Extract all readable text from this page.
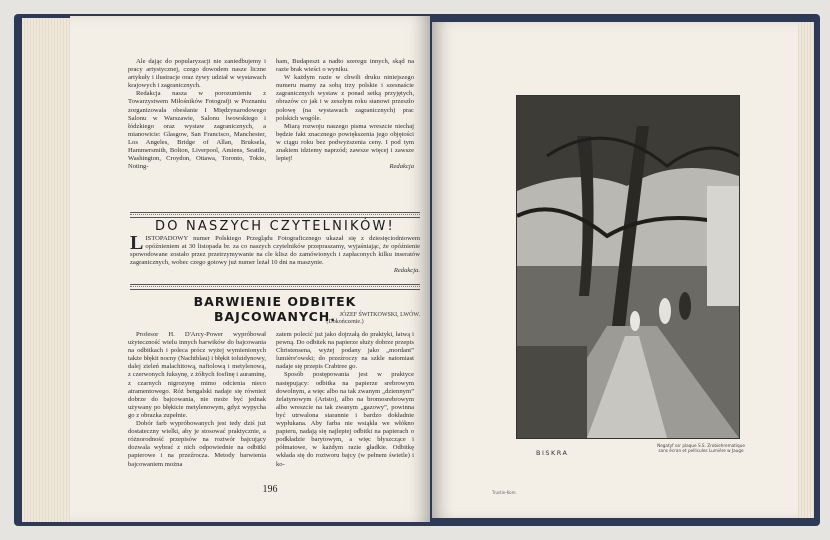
Ale dając do popularyzacji nie zaniedbujemy i pracy artystycznej, czego dowodem nasze liczne artykuły i ilustracje oraz żywy udział w wystawach krajowych i zagranicznych.

Redakcja nasza w porozumieniu z Towarzystwem Miłośników Fotografji w Poznaniu zorganizowała obesłanie I Międzynarodowego Salonu w Warszawie, Salonu lwowskiego i łódzkiego oraz wystaw zagranicznych, a mianowicie: Glasgow, San Francisco, Manchester, Los Angeles, Bridge of Allan, Bruksela, Hammersmith, Bolton, Liverpool, Amiens, Seattle, Washington, Croydon, Ottawa, Toronto, Tokio, Noting-

ham, Budapeszt a nadto szeregu innych, skąd na razie brak wieści o wyniku.

W każdym razie w chwili druku niniejszego numeru mamy za sobą trzy polskie i szesnaście zagranicznych wystaw z ponad setką przyjętych, obrazów co jak i w zeszłym roku stanowi przeszło połowę (na wystawach zagranicznych) prac polskich wogóle.

Miarą rozwoju naszego pisma wreszcie niechaj będzie fakt znacznego powiększenia jego objętości w ciągu roku bez podwyższenia ceny. I pod tym znakiem idziemy naprzód; zawsze więcej i zawsze lepiej!

Redakcja

DO NASZYCH CZYTELNIKÓW!
L ISTOPADOWY numer Polskiego Przeglądu Fotograficznego ukazał się z dziesięciodniowem opóźnieniem at 30 listopada br. za co naszych czytelników przepraszamy, wyjaśniając, że opóźnienie spowodowane zostało przez przetrzymywanie na cle klisz do zamówionych i zapłaconych kilku inseratów zagranicznych, wobec czego gotowy już numer leżał 10 dni na maszynie.
Redakcja.
BARWIENIE ODBITEK BAJCOWANYCH. JÓZEF ŚWITKOWSKI, LWÓW.
(Dokończenie.)

Profesor H. D'Arcy-Power wypróbował użyteczność wielu innych barwików do bajcowania na odbitkach i poleca prócz wyżej wymienionych także błękit nocny (Nachtblau) i błękit toluidynowy, dalej zieleń malachitową, naftolową i metylenową, z czerwonych fuksynę, z żółtych fosfinę i auraminę, z czarnych nigrozynę mimo odcienia nieco atramentowego. Róż bengalski nadaje się również dobrze do bajcowania, nie może być jednak używany po błękicie metylenowym, gdyż wypycha go z obrazka zupełnie.

Dobór farb wypróbowanych jest tedy dziś już dostateczny wielki, aby je stosować praktycznie, a różnorodność przepisów na roztwór bajcujący dozwala wybrać z nich odpowiednie na odbitki papierowe i na przeźrocza. Metody barwienia bajcowaniem można

zatem polecić już jako dojrzałą do praktyki, łatwą i pewną. Do odbitek na papierze służy dobrze przepis Christensena, wyżej podany jako „mordant” lumière'owski; do przeźroczy na szkle natomiast nadaje się przepis Crabtree go.

Sposób postępowania jest w praktyce następujący: odbitka na papierze srebrowym dowolnym, a więc albo na tak zwanym „dziennym” żelatynowym (Aristo), albo na bromosrebrowym albo wreszcie na tak zwanym „gazowy”, powinna być utrwalona starannie i bardzo dokładnie wypłukana. Aby farba nie wsiąkła we włókno papieru, nadają się najlepiej odbitki na papierach o podkładzie barytowym, a więc błyszczące i półmatowe, w każdym razie gładkie. Odbitkę wkłada się do roztworu bajcy (w pełnem świetle) i ko-

196
BISKRA
Negatyf ssr plaque S.S. Zrobiehrematique sans écran et pellicules Lumière w Jauge
Trustie-Kom.
